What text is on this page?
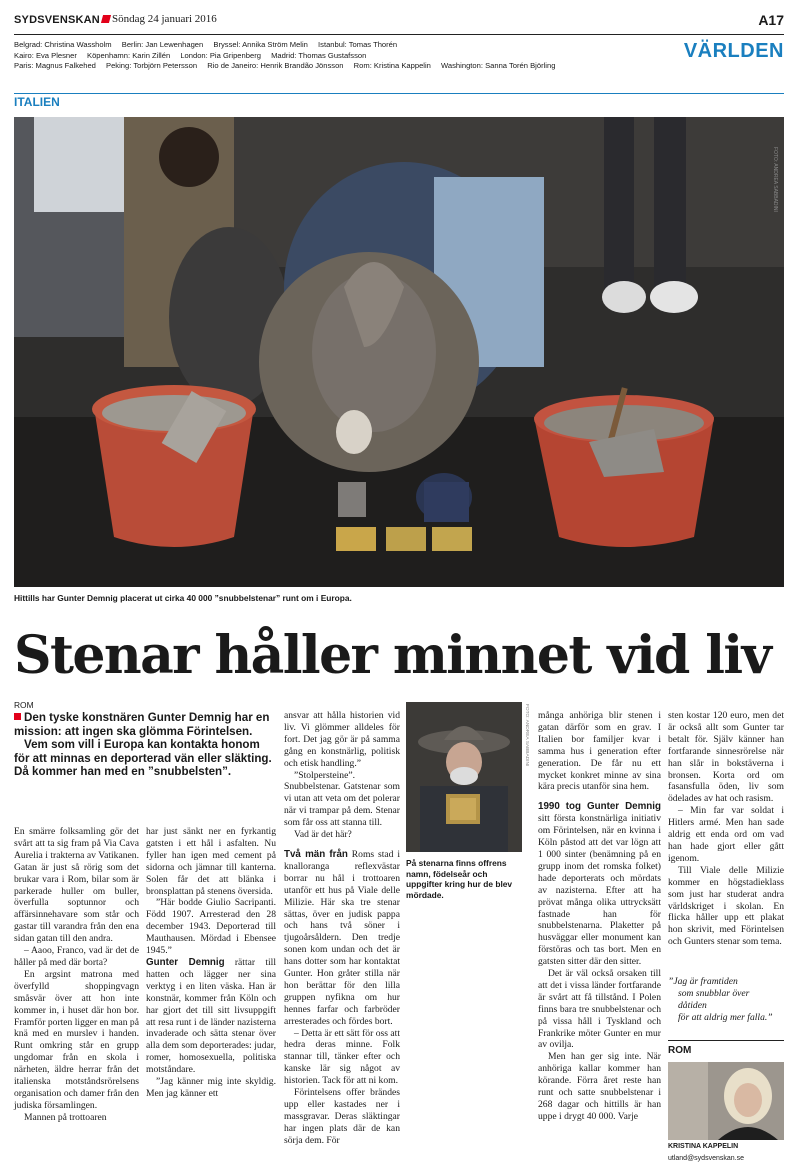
SYDSVENSKAN	Söndag 24 januari 2016	A17
Belgrad: Christina Wassholm Berlin: Jan Lewenhagen Bryssel: Annika Ström Melin Istanbul: Tomas Thorén
Kairo: Eva Plesner Köpenhamn: Karin Zillén London: Pia Gripenberg Madrid: Thomas Gustafsson
Paris: Magnus Falkehed Peking: Torbjörn Petersson Rio de Janeiro: Henrik Brandão Jönsson Rom: Kristina Kappelin Washington: Sanna Torén Björling
VÄRLDEN
ITALIEN
FOTO: ANDREA SABBADINI
Hittills har Gunter Demnig placerat ut cirka 40 000 ”snubbelstenar” runt om i Europa.
Stenar håller minnet vid liv
ROM

Den tyske konstnären Gunter Demnig har en mission: att ingen ska glömma Förintelsen.

Vem som vill i Europa kan kontakta honom för att minnas en deporterad vän eller släkting. Då kommer han med en ”snubbelsten”.

En smärre folksamling gör det svårt att ta sig fram på Via Cava Aurelia i trakterna av Vatikanen. Gatan är just så rörig som det brukar vara i Rom, bilar som är parkerade huller om buller, överfulla soptunnor och affärsinnehavare som står och gastar till varandra från den ena sidan gatan till den andra.

– Aaoo, Franco, vad är det de håller på med där borta?

En argsint matrona med överfylld shoppingvagn småsvär över att hon inte kommer in, i huset där hon bor. Framför porten ligger en man på knä med en murslev i handen. Runt omkring står en grupp ungdomar från en skola i närheten, äldre herrar från det italienska motståndsrörelsens organisation och damer från den judiska församlingen.

Mannen på trottoaren

har just sänkt ner en fyrkantig gatsten i ett hål i asfalten. Nu fyller han igen med cement på sidorna och jämnar till kanterna. Solen får det att blänka i bronsplattan på stenens översida.

”Här bodde Giulio Sacripanti. Född 1907. Arresterad den 28 december 1943. Deporterad till Mauthausen. Mördad i Ebensee 1945.”

Gunter Demnig rättar till hatten och lägger ner sina verktyg i en liten väska. Han är konstnär, kommer från Köln och har gjort det till sitt livsuppgift att resa runt i de länder nazisterna invaderade och sätta stenar över alla dem som deporterades: judar, romer, homosexuella, politiska motståndare.

”Jag känner mig inte skyldig. Men jag känner ett

ansvar att hålla historien vid liv. Vi glömmer alldeles för fort. Det jag gör är på samma gång en konstnärlig, politisk och etisk handling.”

”Stolpersteine”. Snubbelstenar. Gatstenar som vi utan att veta om det polerar när vi trampar på dem. Stenar som får oss att stanna till.

Vad är det här?

Två män från Roms stad i knalloranga reflexvästar borrar nu hål i trottoaren utanför ett hus på Viale delle Milizie. Här ska tre stenar sättas, över en judisk pappa och hans två söner i tjugoårsåldern. Den tredje sonen kom undan och det är hans dotter som har kontaktat Gunter. Hon gråter stilla när hon berättar för den lilla gruppen nyfikna om hur hennes farfar och farbröder arresterades och fördes bort.

– Detta är ett sätt för oss att hedra deras minne. Folk stannar till, tänker efter och kanske lär sig något av historien. Tack för att ni kom.

Förintelsens offer brändes upp eller kastades ner i massgravar. Deras släktingar har ingen plats där de kan sörja dem. För

FOTO: ANDREA SABBADINI
På stenarna finns offrens namn, födelseår och uppgifter kring hur de blev mördade.

många anhöriga blir stenen i gatan därför som en grav. I Italien bor familjer kvar i samma hus i generation efter generation. De får nu ett mycket konkret minne av sina kära precis utanför sina hem.

1990 tog Gunter Demnig sitt första konstnärliga initiativ om Förintelsen, när en kvinna i Köln påstod att det var lögn att 1 000 sinter (benämning på en grupp inom det romska folket) hade deporterats och mördats av nazisterna. Efter att ha prövat många olika uttrycksätt fastnade han för snubbelstenarna. Plaketter på husväggar eller monument kan förstöras och tas bort. Men en gatsten sitter där den sitter.

Det är väl också orsaken till att det i vissa länder fortfarande är svårt att få tillstånd. I Polen finns bara tre snubbelstenar och på vissa håll i Tyskland och Frankrike möter Gunter en mur av ovilja.

Men han ger sig inte. När anhöriga kallar kommer han körande. Förra året reste han runt och satte snubbelstenar i 268 dagar och hittills är han uppe i drygt 40 000. Varje

sten kostar 120 euro, men det är också allt som Gunter tar betalt för. Själv känner han fortfarande sinnesrörelse när han slår in bokstäverna i bronsen. Korta ord om fasansfulla öden, liv som ödelades av hat och rasism.

– Min far var soldat i Hitlers armé. Men han sade aldrig ett enda ord om vad han hade gjort eller gått igenom.

Till Viale delle Milizie kommer en högstadieklass som just har studerat andra världskriget i skolan. En flicka håller upp ett plakat hon skrivit, med Förintelsen och Gunters stenar som tema.

”Jag är framtiden
som snubblar över
dåtiden
för att aldrig mer falla.”
ROM
KRISTINA KAPPELIN
utland@sydsvenskan.se
